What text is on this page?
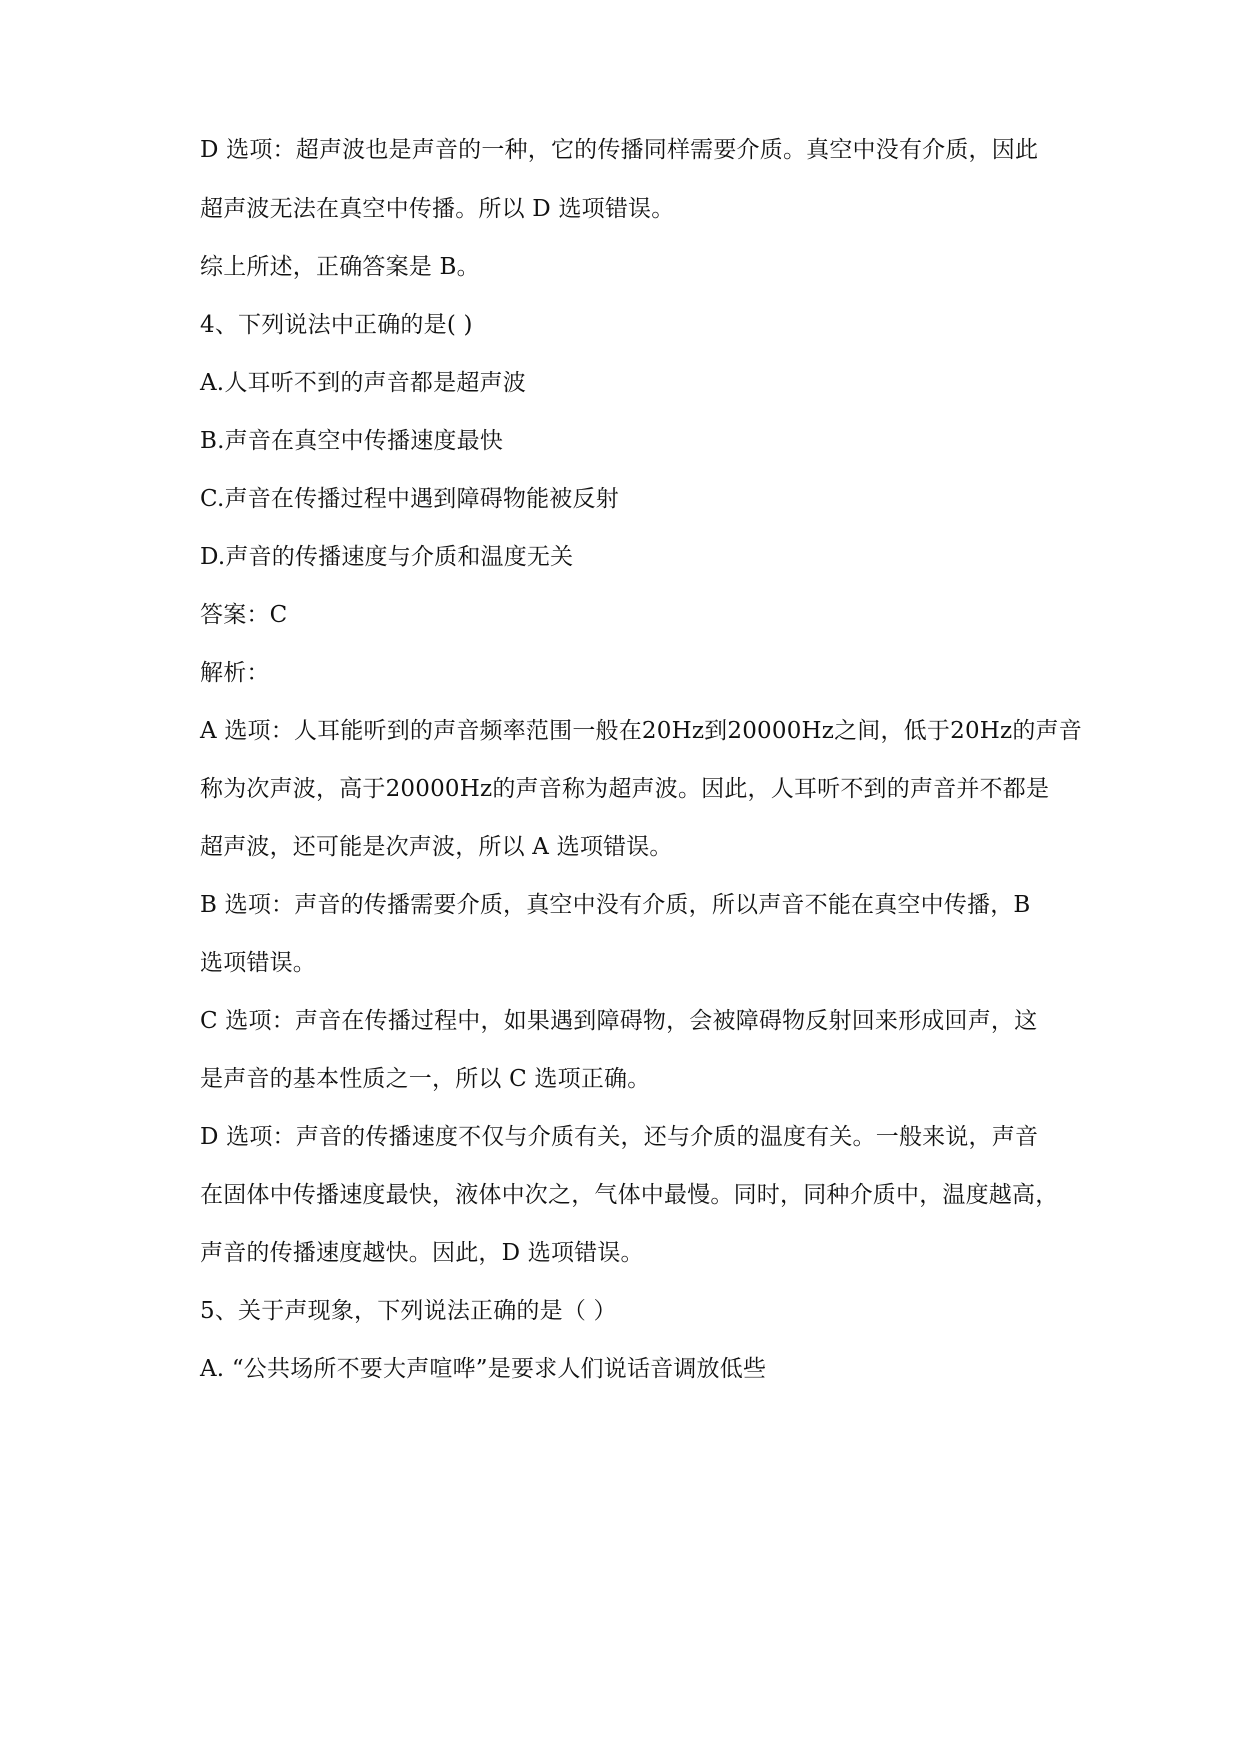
D 选项：超声波也是声音的一种，它的传播同样需要介质。真空中没有介质，因此
超声波无法在真空中传播。所以 D 选项错误。
综上所述，正确答案是 B。
4、下列说法中正确的是( )
A.人耳听不到的声音都是超声波
B.声音在真空中传播速度最快
C.声音在传播过程中遇到障碍物能被反射
D.声音的传播速度与介质和温度无关
答案：C
解析：
A 选项：人耳能听到的声音频率范围一般在20Hz到20000Hz之间，低于20Hz的声音
称为次声波，高于20000Hz的声音称为超声波。因此，人耳听不到的声音并不都是
超声波，还可能是次声波，所以 A 选项错误。
B 选项：声音的传播需要介质，真空中没有介质，所以声音不能在真空中传播，B
选项错误。
C 选项：声音在传播过程中，如果遇到障碍物，会被障碍物反射回来形成回声，这
是声音的基本性质之一，所以 C 选项正确。
D 选项：声音的传播速度不仅与介质有关，还与介质的温度有关。一般来说，声音
在固体中传播速度最快，液体中次之，气体中最慢。同时，同种介质中，温度越高，
声音的传播速度越快。因此，D 选项错误。
5、关于声现象，下列说法正确的是（ ）
A. “公共场所不要大声喧哗”是要求人们说话音调放低些
